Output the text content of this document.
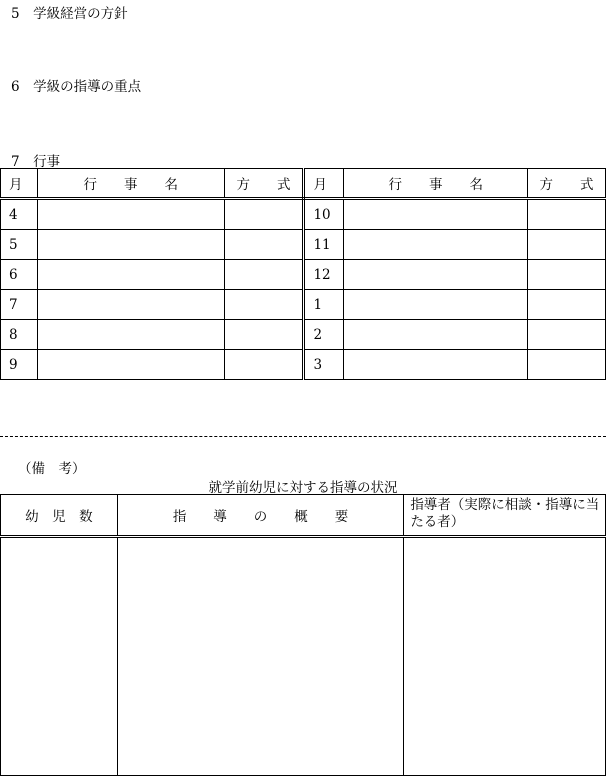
5　学級経営の方針
6　学級の指導の重点
7　行事
月	行　　事　　名	方　　式	月	行　　事　　名	方　　式
4			10		
5			11		
6			12		
7			1		
8			2		
9			3		
（備　考）
就学前幼児に対する指導の状況
幼　児　数	指　　導　　の　　概　　要	指導者（実際に相談・指導に当たる者）
